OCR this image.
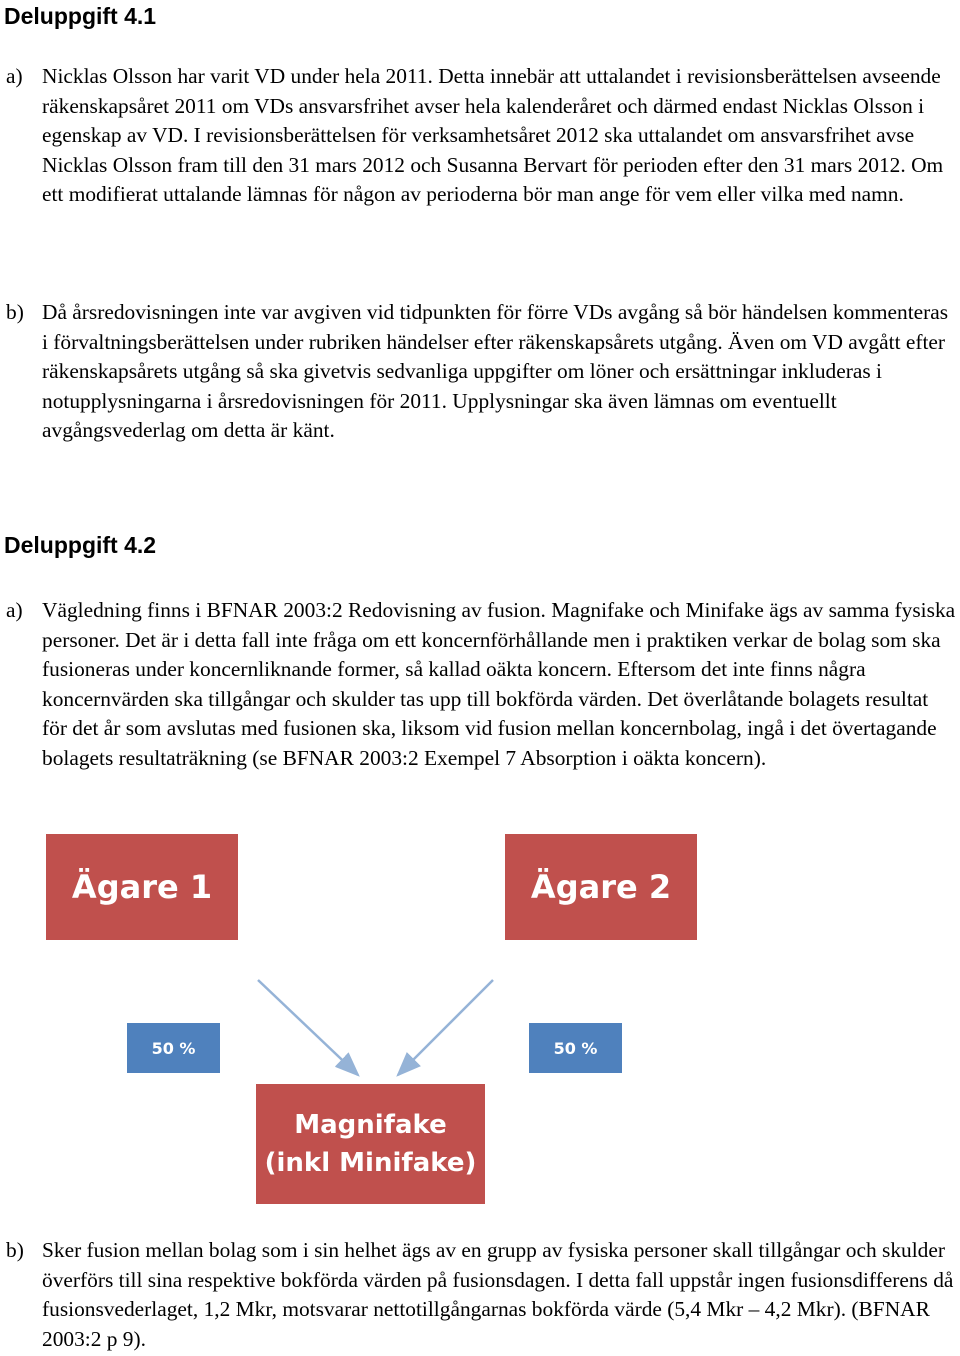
Deluppgift 4.1
a) Nicklas Olsson har varit VD under hela 2011. Detta innebär att uttalandet i revisionsberättelsen avseende räkenskapsåret 2011 om VDs ansvarsfrihet avser hela kalenderåret och därmed endast Nicklas Olsson i egenskap av VD. I revisionsberättelsen för verksamhetsåret 2012 ska uttalandet om ansvarsfrihet avse Nicklas Olsson fram till den 31 mars 2012 och Susanna Bervart för perioden efter den 31 mars 2012. Om ett modifierat uttalande lämnas för någon av perioderna bör man ange för vem eller vilka med namn.
b) Då årsredovisningen inte var avgiven vid tidpunkten för förre VDs avgång så bör händelsen kommenteras i förvaltningsberättelsen under rubriken händelser efter räkenskapsårets utgång. Även om VD avgått efter räkenskapsårets utgång så ska givetvis sedvanliga uppgifter om löner och ersättningar inkluderas i notupplysningarna i årsredovisningen för 2011. Upplysningar ska även lämnas om eventuellt avgångsvederlag om detta är känt.
Deluppgift 4.2
a) Vägledning finns i BFNAR 2003:2 Redovisning av fusion. Magnifake och Minifake ägs av samma fysiska personer. Det är i detta fall inte fråga om ett koncernförhållande men i praktiken verkar de bolag som ska fusioneras under koncernliknande former, så kallad oäkta koncern. Eftersom det inte finns några koncernvärden ska tillgångar och skulder tas upp till bokförda värden. Det överlåtande bolagets resultat för det år som avslutas med fusionen ska, liksom vid fusion mellan koncernbolag, ingå i det övertagande bolagets resultaträkning (se BFNAR 2003:2 Exempel 7 Absorption i oäkta koncern).
Ägare 1	Ägare 2
50 %	50 %
Magnifake
(inkl Minifake)
b) Sker fusion mellan bolag som i sin helhet ägs av en grupp av fysiska personer skall tillgångar och skulder överförs till sina respektive bokförda värden på fusionsdagen. I detta fall uppstår ingen fusionsdifferens då fusionsvederlaget, 1,2 Mkr, motsvarar nettotillgångarnas bokförda värde (5,4 Mkr – 4,2 Mkr). (BFNAR 2003:2 p 9).
